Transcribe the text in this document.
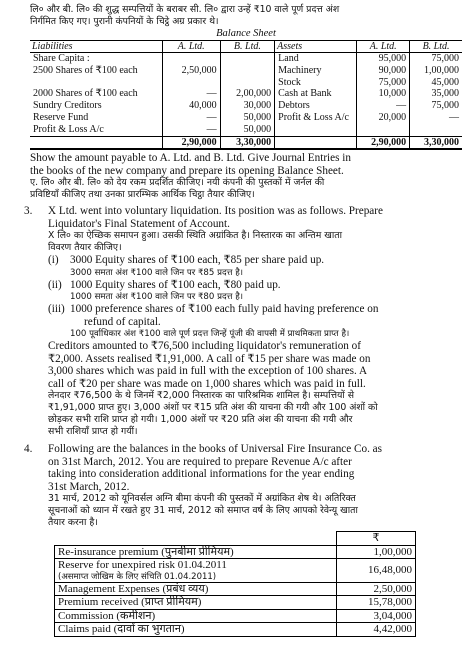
लि० और बी. लि० की शुद्ध सम्पत्तियों के बराबर सी. लि० द्वारा उन्हें ₹10 वाले पूर्ण प्रदत्त अंश

निर्गमित किए गए। पुरानी कंपनियों के चिट्ठे अग्र प्रकार थे।

Balance Sheet
Liabilities	A. Ltd.	B. Ltd.	Assets	A. Ltd.	B. Ltd.
Share Capita :			Land	95,000	75,000
2500 Shares of ₹100 each	2,50,000		Machinery	90,000	1,00,000
			Stock	75,000	45,000
2000 Shares of ₹100 each	—	2,00,000	Cash at Bank	10,000	35,000
Sundry Creditors	40,000	30,000	Debtors	—	75,000
Reserve Fund	—	50,000	Profit & Loss A/c	20,000	—
Profit & Loss A/c	—	50,000			
	2,90,000	3,30,000		2,90,000	3,30,000

Show the amount payable to A. Ltd. and B. Ltd. Give Journal Entries in

the books of the new company and prepare its opening Balance Sheet.

ए. लि० और बी. लि० को देय रकम प्रदर्शित कीजिए। नयी कंपनी की पुस्तकों में जर्नल की

प्रविष्टियाँ कीजिए तथा उनका प्रारम्भिक आर्थिक चिट्ठा तैयार कीजिए।

3. X Ltd. went into voluntary liquidation. Its position was as follows. Prepare

Liquidator's Final Statement of Account.

X लि० का ऐच्छिक समापन हुआ। उसकी स्थिति अग्रांकित है। निस्तारक का अन्तिम खाता

विवरण तैयार कीजिए।

(i) 3000 Equity shares of ₹100 each, ₹85 per share paid up.

3000 समता अंश ₹100 वाले जिन पर ₹85 प्रदत्त है।

(ii) 1000 Equity shares of ₹100 each, ₹80 paid up.

1000 समता अंश ₹100 वाले जिन पर ₹80 प्रदत्त है।

(iii) 1000 preference shares of ₹100 each fully paid having preference on

refund of capital.

100 पूर्वाधिकार अंश ₹100 वाले पूर्ण प्रदत्त जिन्हें पूंजी की वापसी में प्राथमिकता प्राप्त है।

Creditors amounted to ₹76,500 including liquidator's remuneration of

₹2,000. Assets realised ₹1,91,000. A call of ₹15 per share was made on

3,000 shares which was paid in full with the exception of 100 shares. A

call of ₹20 per share was made on 1,000 shares which was paid in full.

लेनदार ₹76,500 के थे जिनमें ₹2,000 निस्तारक का पारिश्रमिक शामिल है। सम्पत्तियों से

₹1,91,000 प्राप्त हुए। 3,000 अंशों पर ₹15 प्रति अंश की याचना की गयी और 100 अंशों को

छोड़कर सभी राशि प्राप्त हो गयी। 1,000 अंशों पर ₹20 प्रति अंश की याचना की गयी और

सभी राशियाँ प्राप्त हो गयीं।

4. Following are the balances in the books of Universal Fire Insurance Co. as

on 31st March, 2012. You are required to prepare Revenue A/c after

taking into consideration additional informations for the year ending

31st March, 2012.

31 मार्च, 2012 को यूनिवर्सल अग्नि बीमा कंपनी की पुस्तकों में अग्रांकित शेष थे। अतिरिक्त

सूचनाओं को ध्यान में रखते हुए 31 मार्च, 2012 को समाप्त वर्ष के लिए आपको रेवेन्यू खाता

तैयार करना है।

	₹
Re-insurance premium (पुनर्बीमा प्रीमियम)	1,00,000

Reserve for unexpired risk 01.04.2011
(असमाप्त जोखिम के लिए संचिति 01.04.2011)	16,48,000
Management Expenses (प्रबंध व्यय)	2,50,000
Premium received (प्राप्त प्रीमियम)	15,78,000
Commission (कमीशन)	3,04,000
Claims paid (दावों का भुगतान)	4,42,000
